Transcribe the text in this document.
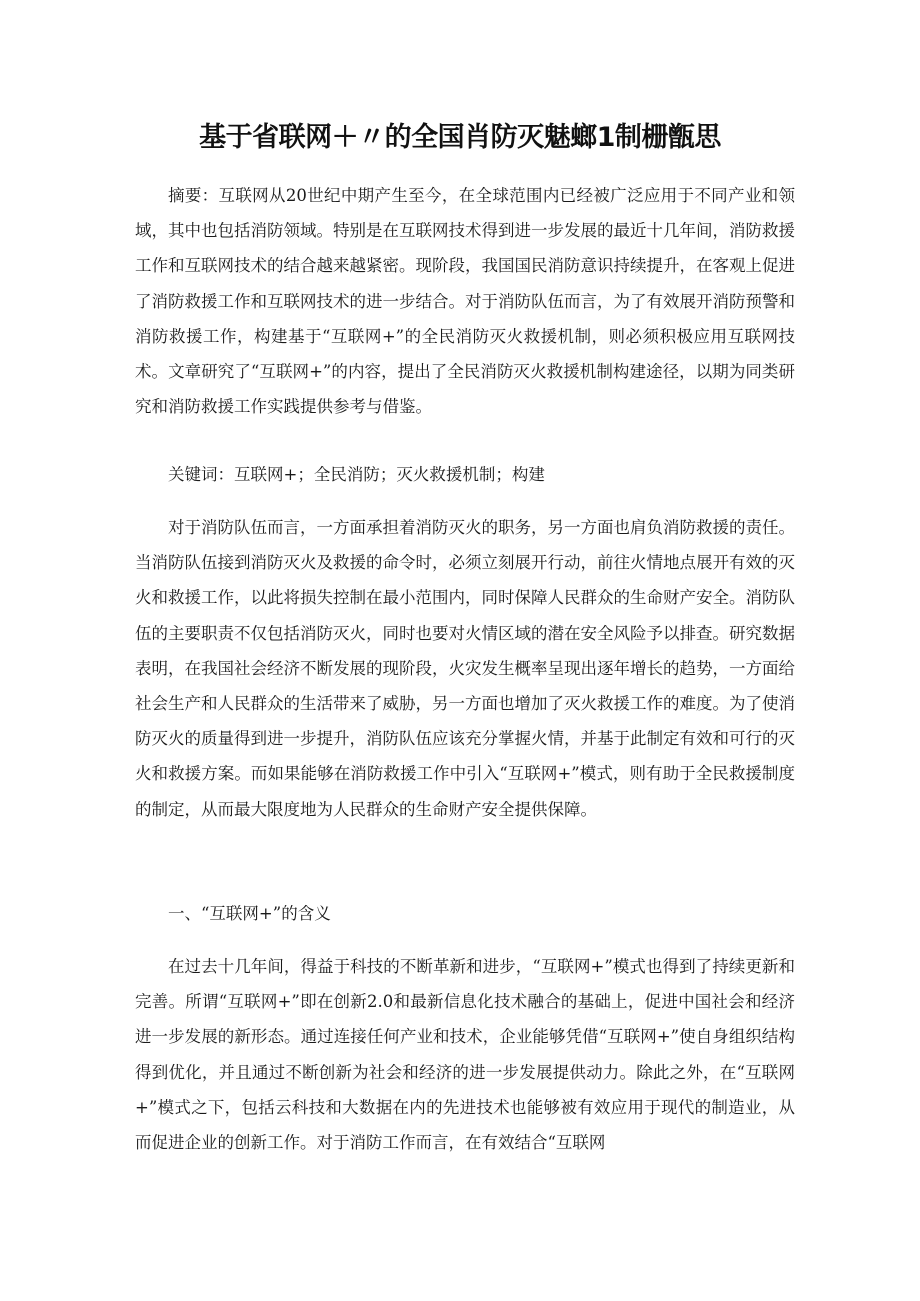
基于省联网＋〃的全国肖防灭魅螂1制栅甑思

摘要：互联网从20世纪中期产生至今，在全球范围内已经被广泛应用于不同产业和领域，其中也包括消防领域。特别是在互联网技术得到进一步发展的最近十几年间，消防救援工作和互联网技术的结合越来越紧密。现阶段，我国国民消防意识持续提升，在客观上促进了消防救援工作和互联网技术的进一步结合。对于消防队伍而言，为了有效展开消防预警和消防救援工作，构建基于“互联网+”的全民消防灭火救援机制，则必须积极应用互联网技术。文章研究了“互联网+”的内容，提出了全民消防灭火救援机制构建途径，以期为同类研究和消防救援工作实践提供参考与借鉴。

关键词：互联网+；全民消防；灭火救援机制；构建

对于消防队伍而言，一方面承担着消防灭火的职务，另一方面也肩负消防救援的责任。当消防队伍接到消防灭火及救援的命令时，必须立刻展开行动，前往火情地点展开有效的灭火和救援工作，以此将损失控制在最小范围内，同时保障人民群众的生命财产安全。消防队伍的主要职责不仅包括消防灭火，同时也要对火情区域的潜在安全风险予以排查。研究数据表明，在我国社会经济不断发展的现阶段，火灾发生概率呈现出逐年增长的趋势，一方面给社会生产和人民群众的生活带来了威胁，另一方面也增加了灭火救援工作的难度。为了使消防灭火的质量得到进一步提升，消防队伍应该充分掌握火情，并基于此制定有效和可行的灭火和救援方案。而如果能够在消防救援工作中引入“互联网+”模式，则有助于全民救援制度的制定，从而最大限度地为人民群众的生命财产安全提供保障。

一、“互联网+”的含义

在过去十几年间，得益于科技的不断革新和进步，“互联网+”模式也得到了持续更新和完善。所谓“互联网+”即在创新2.0和最新信息化技术融合的基础上，促进中国社会和经济进一步发展的新形态。通过连接任何产业和技术，企业能够凭借“互联网+”使自身组织结构得到优化，并且通过不断创新为社会和经济的进一步发展提供动力。除此之外，在“互联网+”模式之下，包括云科技和大数据在内的先进技术也能够被有效应用于现代的制造业，从而促进企业的创新工作。对于消防工作而言，在有效结合“互联网
